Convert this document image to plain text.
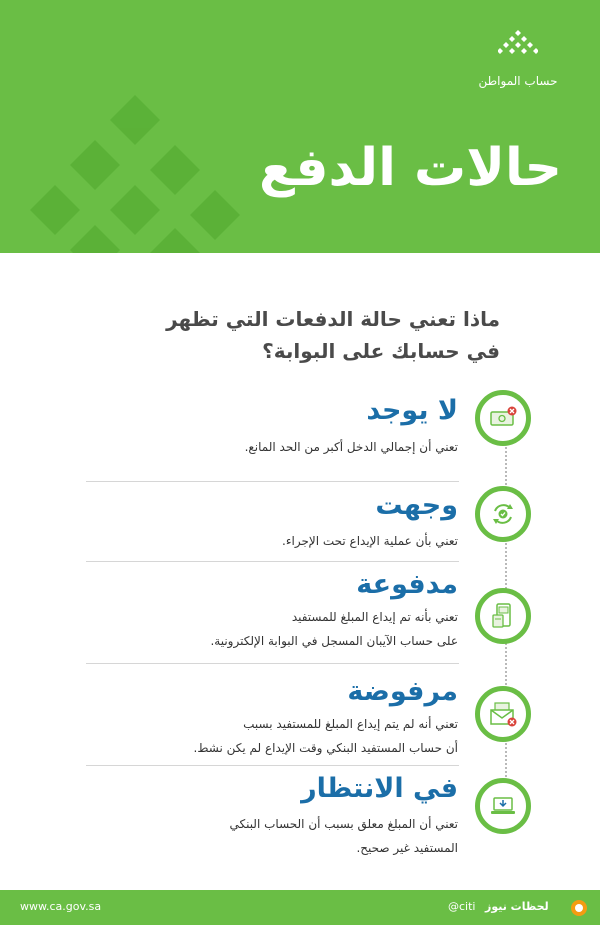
حساب المواطن
حالات الدفع
ماذا تعني حالة الدفعات التي تظهر
في حسابك على البوابة؟
لا يوجد
تعني أن إجمالي الدخل أكبر من الحد المانع.
وجهت
تعني بأن عملية الإيداع تحت الإجراء.
مدفوعة
تعني بأنه تم إيداع المبلغ للمستفيد
على حساب الآيبان المسجل في البوابة الإلكترونية.
مرفوضة
تعني أنه لم يتم إيداع المبلغ للمستفيد بسبب
أن حساب المستفيد البنكي وقت الإيداع لم يكن نشط.
في الانتظار
تعني أن المبلغ معلق بسبب أن الحساب البنكي
المستفيد غير صحيح.
www.ca.gov.sa	@citi لحظات نيوز
